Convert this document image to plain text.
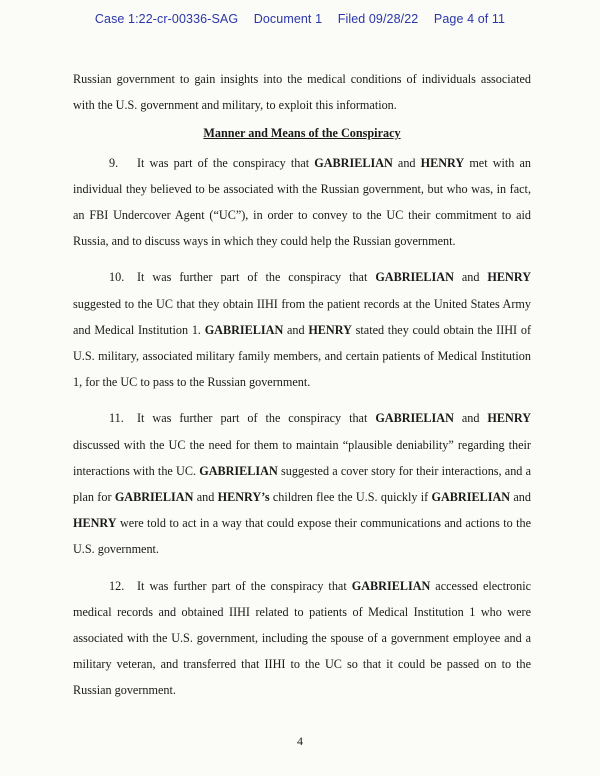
Case 1:22-cr-00336-SAG Document 1 Filed 09/28/22 Page 4 of 11

Russian government to gain insights into the medical conditions of individuals associated with the U.S. government and military, to exploit this information.

Manner and Means of the Conspiracy

9. It was part of the conspiracy that GABRIELIAN and HENRY met with an individual they believed to be associated with the Russian government, but who was, in fact, an FBI Undercover Agent (“UC”), in order to convey to the UC their commitment to aid Russia, and to discuss ways in which they could help the Russian government.

10. It was further part of the conspiracy that GABRIELIAN and HENRY suggested to the UC that they obtain IIHI from the patient records at the United States Army and Medical Institution 1. GABRIELIAN and HENRY stated they could obtain the IIHI of U.S. military, associated military family members, and certain patients of Medical Institution 1, for the UC to pass to the Russian government.

11. It was further part of the conspiracy that GABRIELIAN and HENRY discussed with the UC the need for them to maintain “plausible deniability” regarding their interactions with the UC. GABRIELIAN suggested a cover story for their interactions, and a plan for GABRIELIAN and HENRY’s children flee the U.S. quickly if GABRIELIAN and HENRY were told to act in a way that could expose their communications and actions to the U.S. government.

12. It was further part of the conspiracy that GABRIELIAN accessed electronic medical records and obtained IIHI related to patients of Medical Institution 1 who were associated with the U.S. government, including the spouse of a government employee and a military veteran, and transferred that IIHI to the UC so that it could be passed on to the Russian government.

4
